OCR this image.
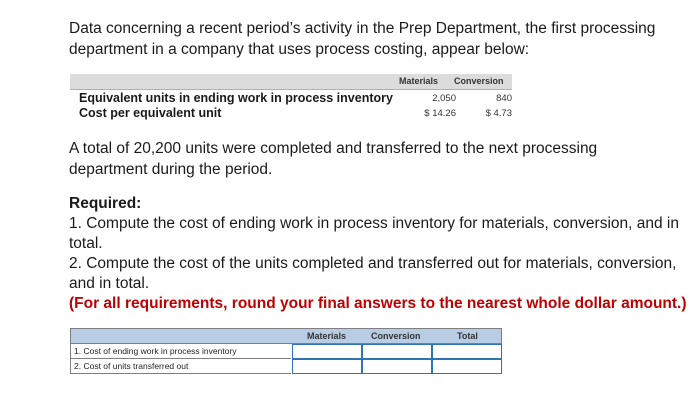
Data concerning a recent period’s activity in the Prep Department, the first processing department in a company that uses process costing, appear below:
Materials Conversion
Equivalent units in ending work in process inventory	2,050	840
Cost per equivalent unit	$ 14.26	$ 4.73
A total of 20,200 units were completed and transferred to the next processing department during the period.
Required:
1. Compute the cost of ending work in process inventory for materials, conversion, and in total.
2. Compute the cost of the units completed and transferred out for materials, conversion, and in total.
(For all requirements, round your final answers to the nearest whole dollar amount.)
Materials	Conversion	Total
1. Cost of ending work in process inventory
2. Cost of units transferred out
